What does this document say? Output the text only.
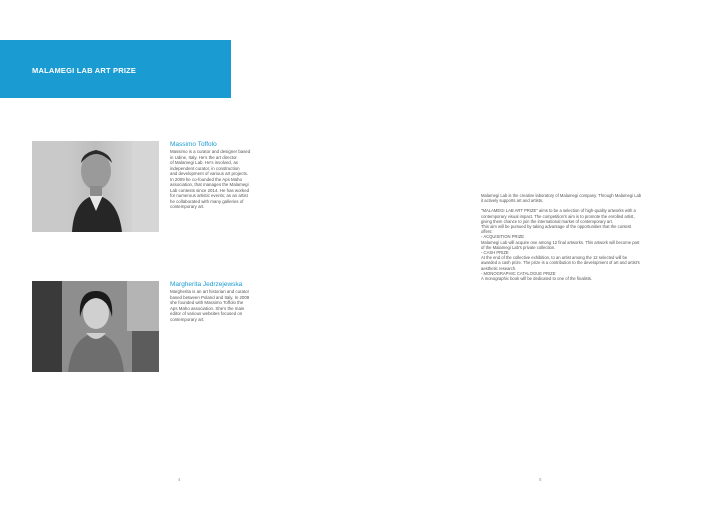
MALAMEGI LAB ART PRIZE
Massimo Toffolo

Massimo is a curator and designer based
in Udine, Italy. He's the art director
of Malamegi Lab. He's involved, as
independent curator, in construction
and development of various art projects.
In 2009 he co-founded the Aps Maho
association, that manages the Malamegi
Lab contests since 2014. He has worked
for numerous artistic events; as an artist
he collaborated with many galleries of
contemporary art.

Margherita Jedrzejewska

Margherita is an art historian and curator
based between Poland and Italy. In 2009
she founded with Massimo Toffolo the
Aps Maho association. She's the main
editor of various websites focused on
contemporary art.

Malamegi Lab is the creative laboratory of Malamegi company. Through Malamegi Lab
it actively supports art and artists.

"MALAMEGI LAB ART PRIZE" aims to be a selection of high-quality artworks with a
contemporary visual impact. The competition's aim is to promote the enrolled artist,
giving them chance to join the international market of contemporary art.
This aim will be pursued by taking advantage of the opportunities that the contest
offers:
- ACQUISITION PRIZE
Malamegi Lab will acquire one among 12 final artworks. This artwork will become part
of the Malamegi Lab's private collection.
- CASH PRIZE
At the end of the collective exhibition, to an artist among the 12 selected will be
awarded a cash prize. The prize is a contribution to the development of art and artist's
aesthetic research.
- MONOGRAPHIC CATALOGUE PRIZE
A monographic book will be dedicated to one of the finalists.

4	5
